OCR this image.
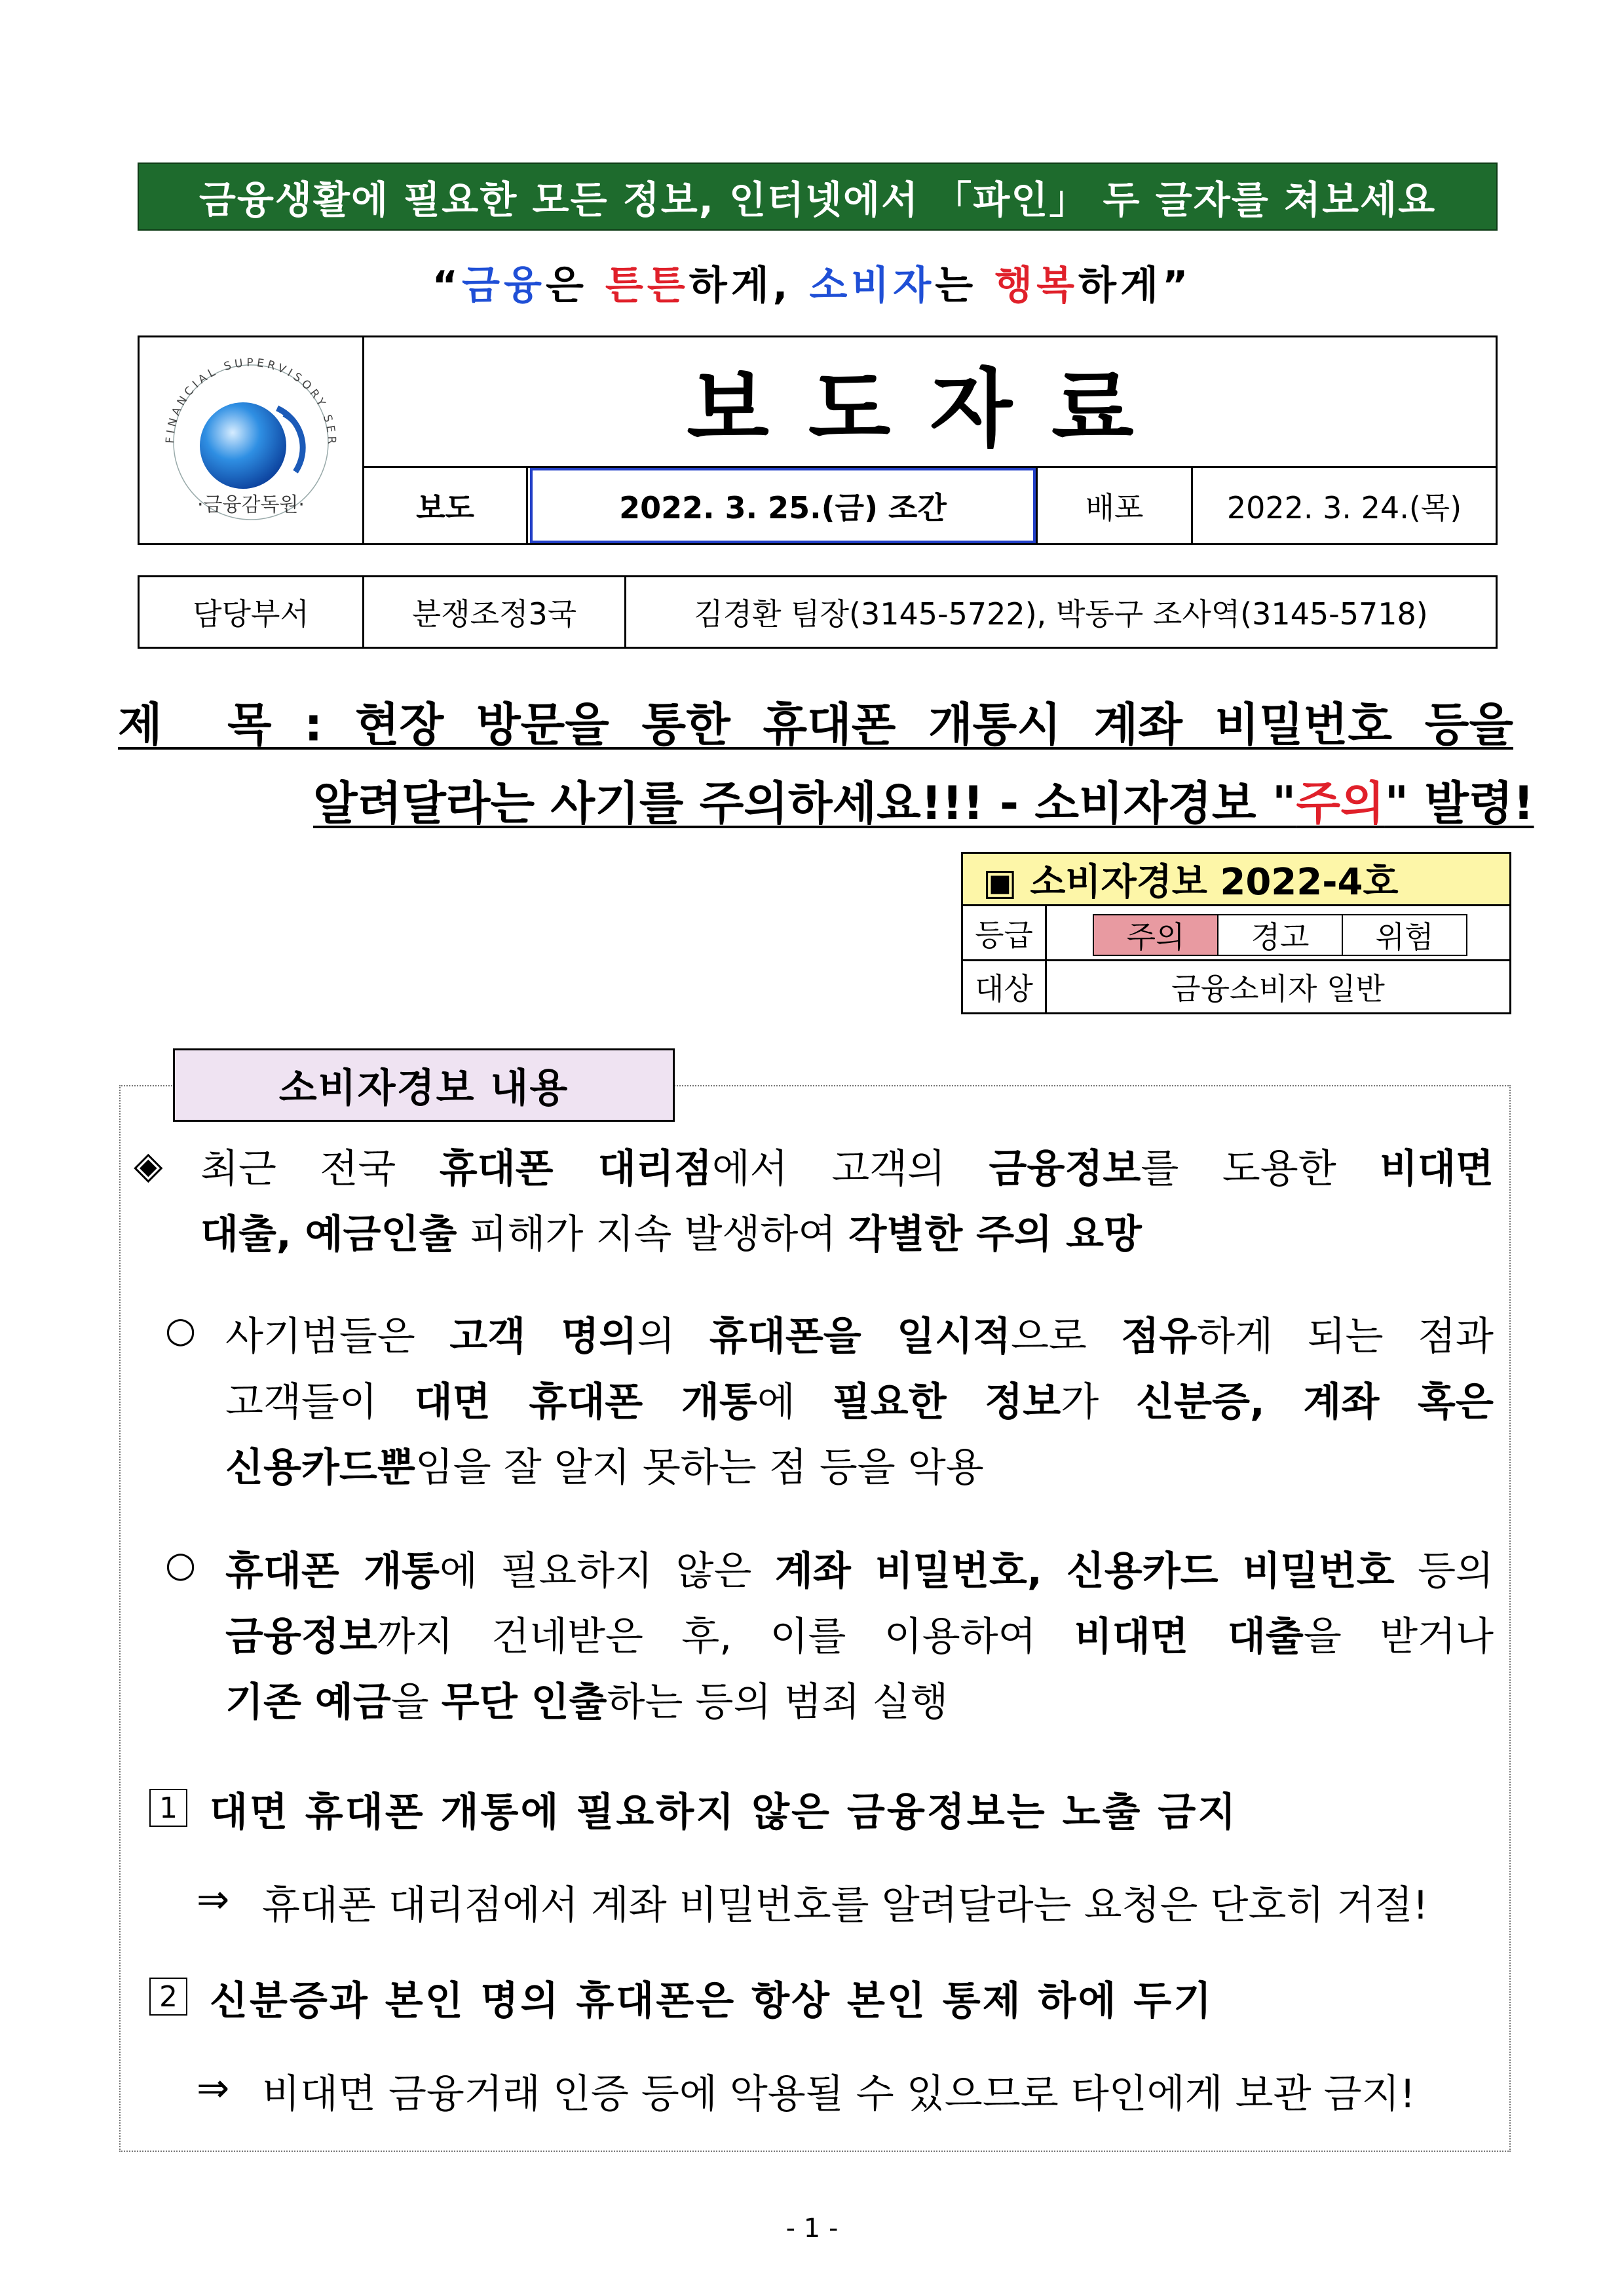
금융생활에 필요한 모든 정보, 인터넷에서 「파인」 두 글자를 쳐보세요
“금융은 튼튼하게, 소비자는 행복하게”
FINANCIAL SUPERVISORY SER
·금융감독원·
보도자료
보도	2022. 3. 25.(금) 조간	배포	2022. 3. 24.(목)
담당부서	분쟁조정3국	김경환 팀장(3145-5722), 박동구 조사역(3145-5718)
제  목 : 현장 방문을 통한 휴대폰 개통시 계좌 비밀번호 등을
알려달라는 사기를 주의하세요!!! - 소비자경보 "주의" 발령!
▣ 소비자경보 2022-4호
등급	주의	경고	위험
대상	금융소비자 일반
소비자경보 내용
◈ 최근 전국 휴대폰 대리점에서 고객의 금융정보를 도용한 비대면
대출, 예금인출 피해가 지속 발생하여 각별한 주의 요망
○ 사기범들은 고객 명의의 휴대폰을 일시적으로 점유하게 되는 점과
고객들이 대면 휴대폰 개통에 필요한 정보가 신분증, 계좌 혹은
신용카드뿐임을 잘 알지 못하는 점 등을 악용
○ 휴대폰 개통에 필요하지 않은 계좌 비밀번호, 신용카드 비밀번호 등의
금융정보까지 건네받은 후, 이를 이용하여 비대면 대출을 받거나
기존 예금을 무단 인출하는 등의 범죄 실행
1 대면 휴대폰 개통에 필요하지 않은 금융정보는 노출 금지
⇒ 휴대폰 대리점에서 계좌 비밀번호를 알려달라는 요청은 단호히 거절!
2 신분증과 본인 명의 휴대폰은 항상 본인 통제 하에 두기
⇒ 비대면 금융거래 인증 등에 악용될 수 있으므로 타인에게 보관 금지!
- 1 -
